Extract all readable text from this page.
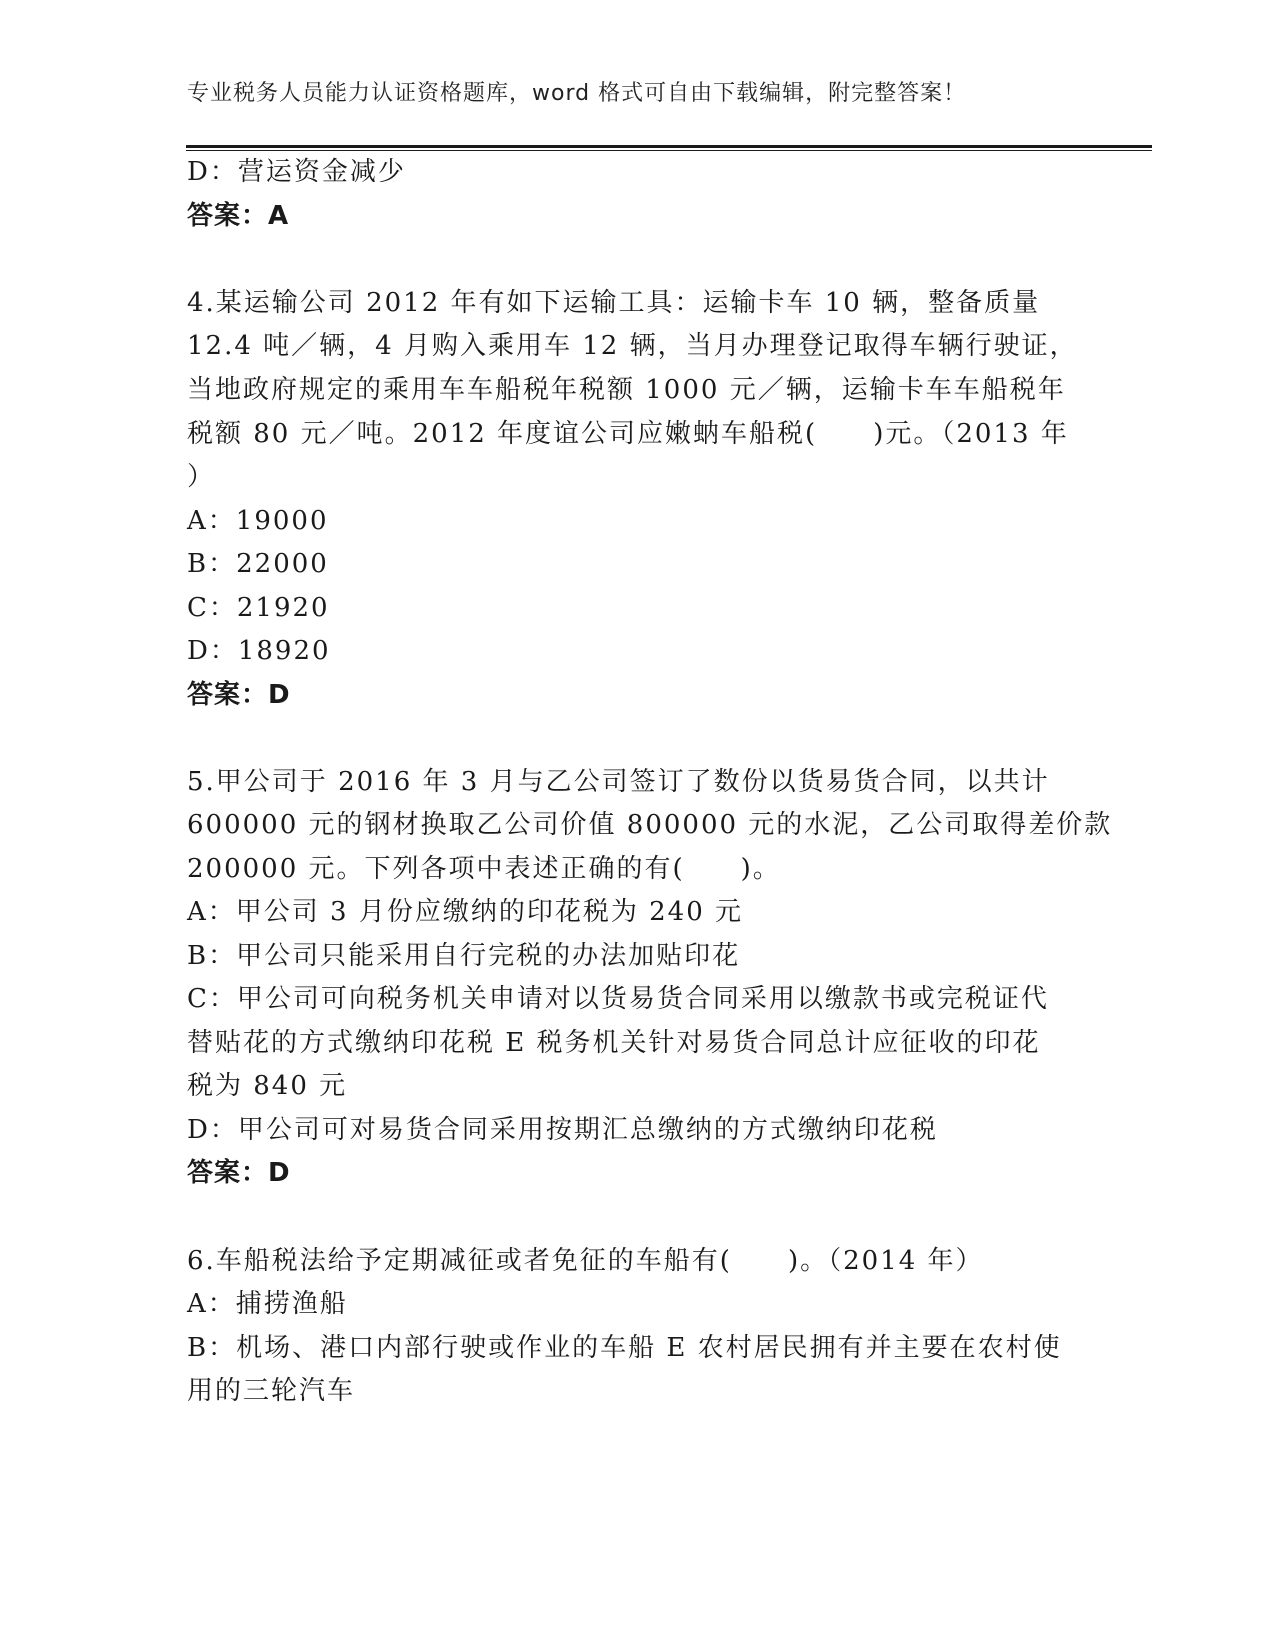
专业税务人员能力认证资格题库，word 格式可自由下载编辑，附完整答案！
D：营运资金减少
答案：A
4.某运输公司 2012 年有如下运输工具：运输卡车 10 辆，整备质量
12.4 吨／辆，4 月购入乘用车 12 辆，当月办理登记取得车辆行驶证，
当地政府规定的乘用车车船税年税额 1000 元／辆，运输卡车车船税年
税额 80 元／吨。2012 年度谊公司应嫩蚋车船税(　　)元。（2013 年
）
A：19000
B：22000
C：21920
D：18920
答案：D
5.甲公司于 2016 年 3 月与乙公司签订了数份以货易货合同，以共计
600000 元的钢材换取乙公司价值 800000 元的水泥，乙公司取得差价款
200000 元。下列各项中表述正确的有(　　)。
A：甲公司 3 月份应缴纳的印花税为 240 元
B：甲公司只能采用自行完税的办法加贴印花
C：甲公司可向税务机关申请对以货易货合同采用以缴款书或完税证代
替贴花的方式缴纳印花税 E 税务机关针对易货合同总计应征收的印花
税为 840 元
D：甲公司可对易货合同采用按期汇总缴纳的方式缴纳印花税
答案：D
6.车船税法给予定期减征或者免征的车船有(　　)。（2014 年）
A：捕捞渔船
B：机场、港口内部行驶或作业的车船 E 农村居民拥有并主要在农村使
用的三轮汽车
